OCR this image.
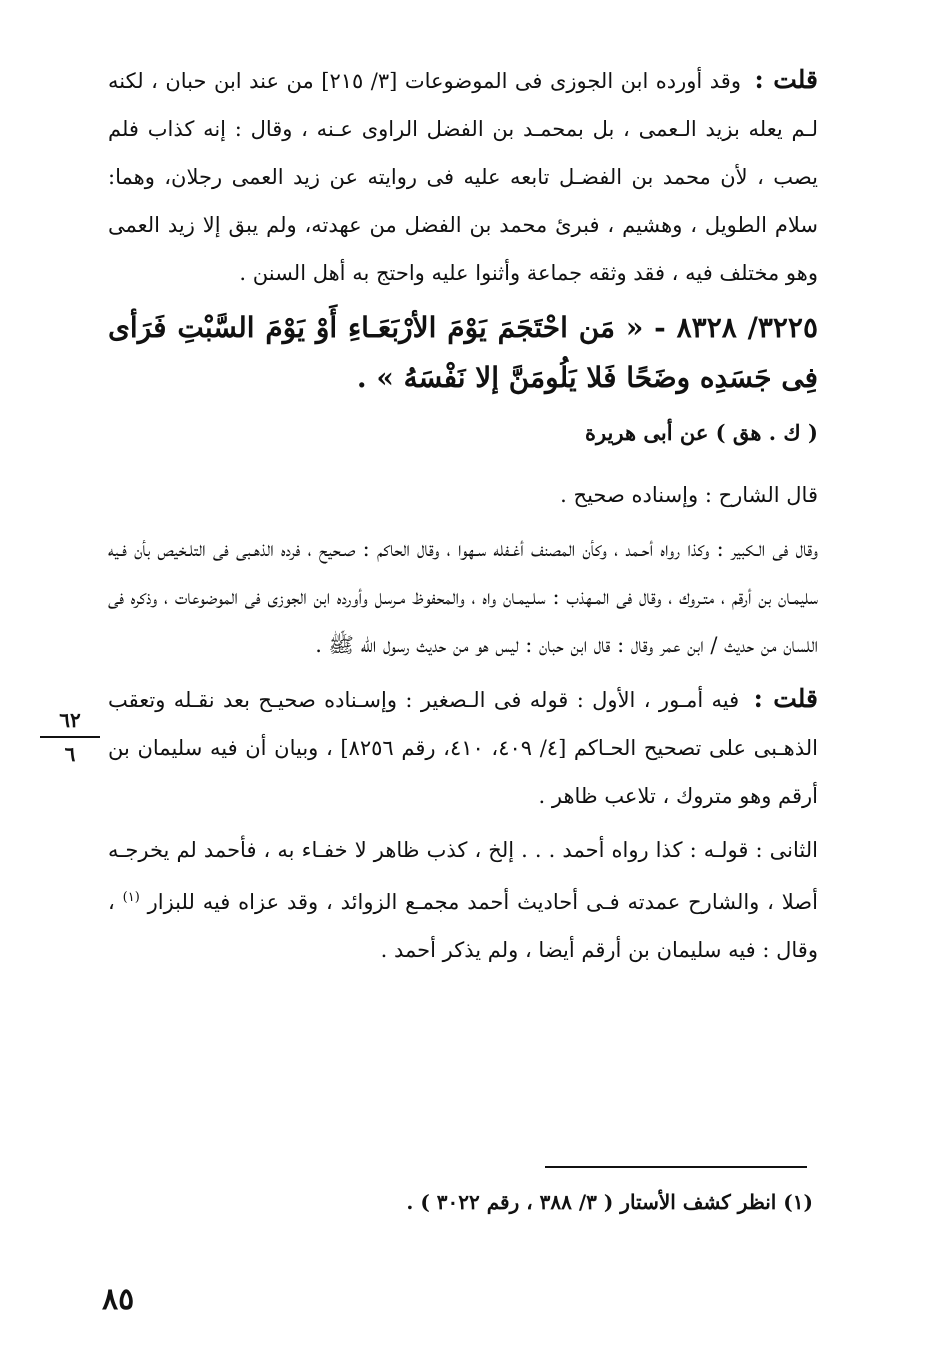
قلت : وقد أورده ابن الجوزى فى الموضوعات [٣/ ٢١٥] من عند ابن حبان ، لكنه لـم يعله بزيد الـعمى ، بل بمحمـد بن الفضل الراوى عـنه ، وقال : إنه كذاب فلم يصب ، لأن محمد بن الفضـل تابعه عليه فى روايته عن زيد العمى رجلان، وهما: سلام الطويل ، وهشيم ، فبرئ محمد بن الفضل من عهدته، ولم يبق إلا زيد العمى وهو مختلف فيه ، فقد وثقه جماعة وأثنوا عليه واحتج به أهل السنن .

٣٢٢٥/ ٨٣٢٨ - « مَن احْتَجَمَ يَوْمَ الأرْبَعَـاءِ أَوْ يَوْمَ السَّبْتِ فَرَأى فِى جَسَدِه وضَحًا فَلا يَلُومَنَّ إلا نَفْسَهُ » .

( ك . هق ) عن أبى هريرة

قال الشارح : وإسناده صحيح .

وقال فى الـكبير : وكذا رواه أحـمد ، وكأن المصنف أغـفله سـهوا ، وقال الحاكم : صـحيح ، فرده الذهـبى فى التلـخيص بأن فـيه سليمـان بن أرقم ، متـروك ، وقال فى المـهذب : سلـيمـان واه ، والمحفوظ مـرسل وأورده ابن الجوزى فى الموضوعات ، وذكره فى اللسان من حديث / ابن عمر وقال : قال ابن حبان : ليس هو من حديث رسول الله ﷺ .

قلت : فيه أمـور ، الأول : قوله فى الـصغير : وإسـناده صحيـح بعد نقـله وتعقب الذهـبى على تصحيح الحـاكم [٤/ ٤٠٩، ٤١٠، رقم ٨٢٥٦] ، وبيان أن فيه سليمان بن أرقم وهو متروك ، تلاعب ظاهر .

الثانى : قولـه : كذا رواه أحمد . . . إلخ ، كذب ظاهر لا خفـاء به ، فأحمد لم يخرجـه أصلا ، والشارح عمدته فـى أحاديث أحمد مجمـع الزوائد ، وقد عزاه فيه للبزار $^{(١)}$ ، وقال : فيه سليمان بن أرقم أيضا ، ولم يذكر أحمد .

٦٢
٦
(١) انظر كشف الأستار ( ٣/ ٣٨٨ ، رقم ٣٠٢٢ ) .
٨٥
